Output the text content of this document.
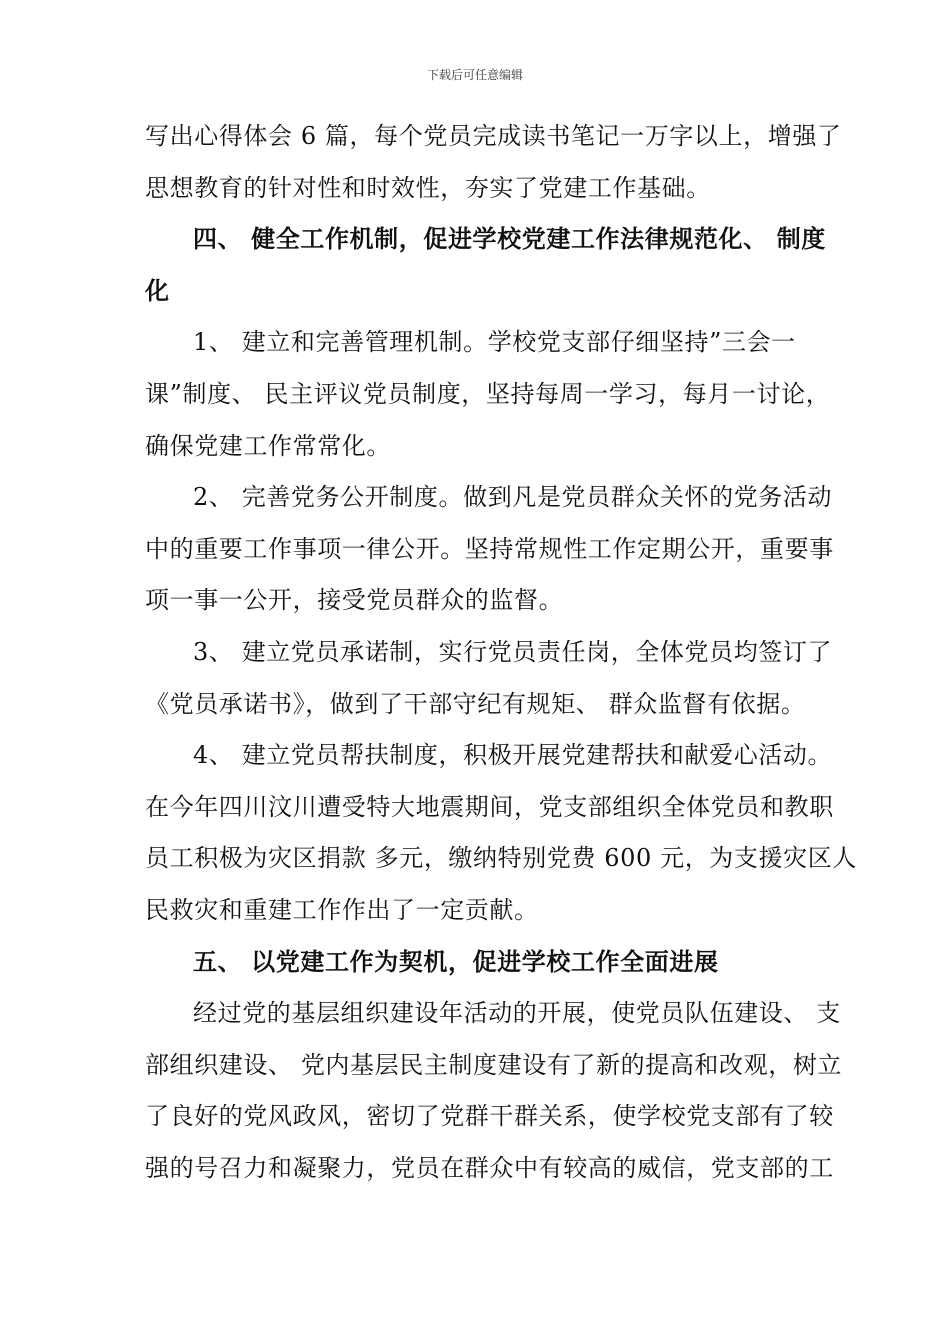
下载后可任意编辑
写出心得体会 6 篇，每个党员完成读书笔记一万字以上，增强了
思想教育的针对性和时效性，夯实了党建工作基础。
四、 健全工作机制，促进学校党建工作法律规范化、 制度
化
1、 建立和完善管理机制。学校党支部仔细坚持”三会一
课”制度、 民主评议党员制度，坚持每周一学习，每月一讨论，
确保党建工作常常化。
2、 完善党务公开制度。做到凡是党员群众关怀的党务活动
中的重要工作事项一律公开。坚持常规性工作定期公开，重要事
项一事一公开，接受党员群众的监督。
3、 建立党员承诺制，实行党员责任岗，全体党员均签订了
《党员承诺书》，做到了干部守纪有规矩、 群众监督有依据。
4、 建立党员帮扶制度，积极开展党建帮扶和献爱心活动。
在今年四川汶川遭受特大地震期间，党支部组织全体党员和教职
员工积极为灾区捐款 多元，缴纳特别党费 600 元，为支援灾区人
民救灾和重建工作作出了一定贡献。
五、 以党建工作为契机，促进学校工作全面进展
经过党的基层组织建设年活动的开展，使党员队伍建设、 支
部组织建设、 党内基层民主制度建设有了新的提高和改观，树立
了良好的党风政风，密切了党群干群关系，使学校党支部有了较
强的号召力和凝聚力，党员在群众中有较高的威信，党支部的工
